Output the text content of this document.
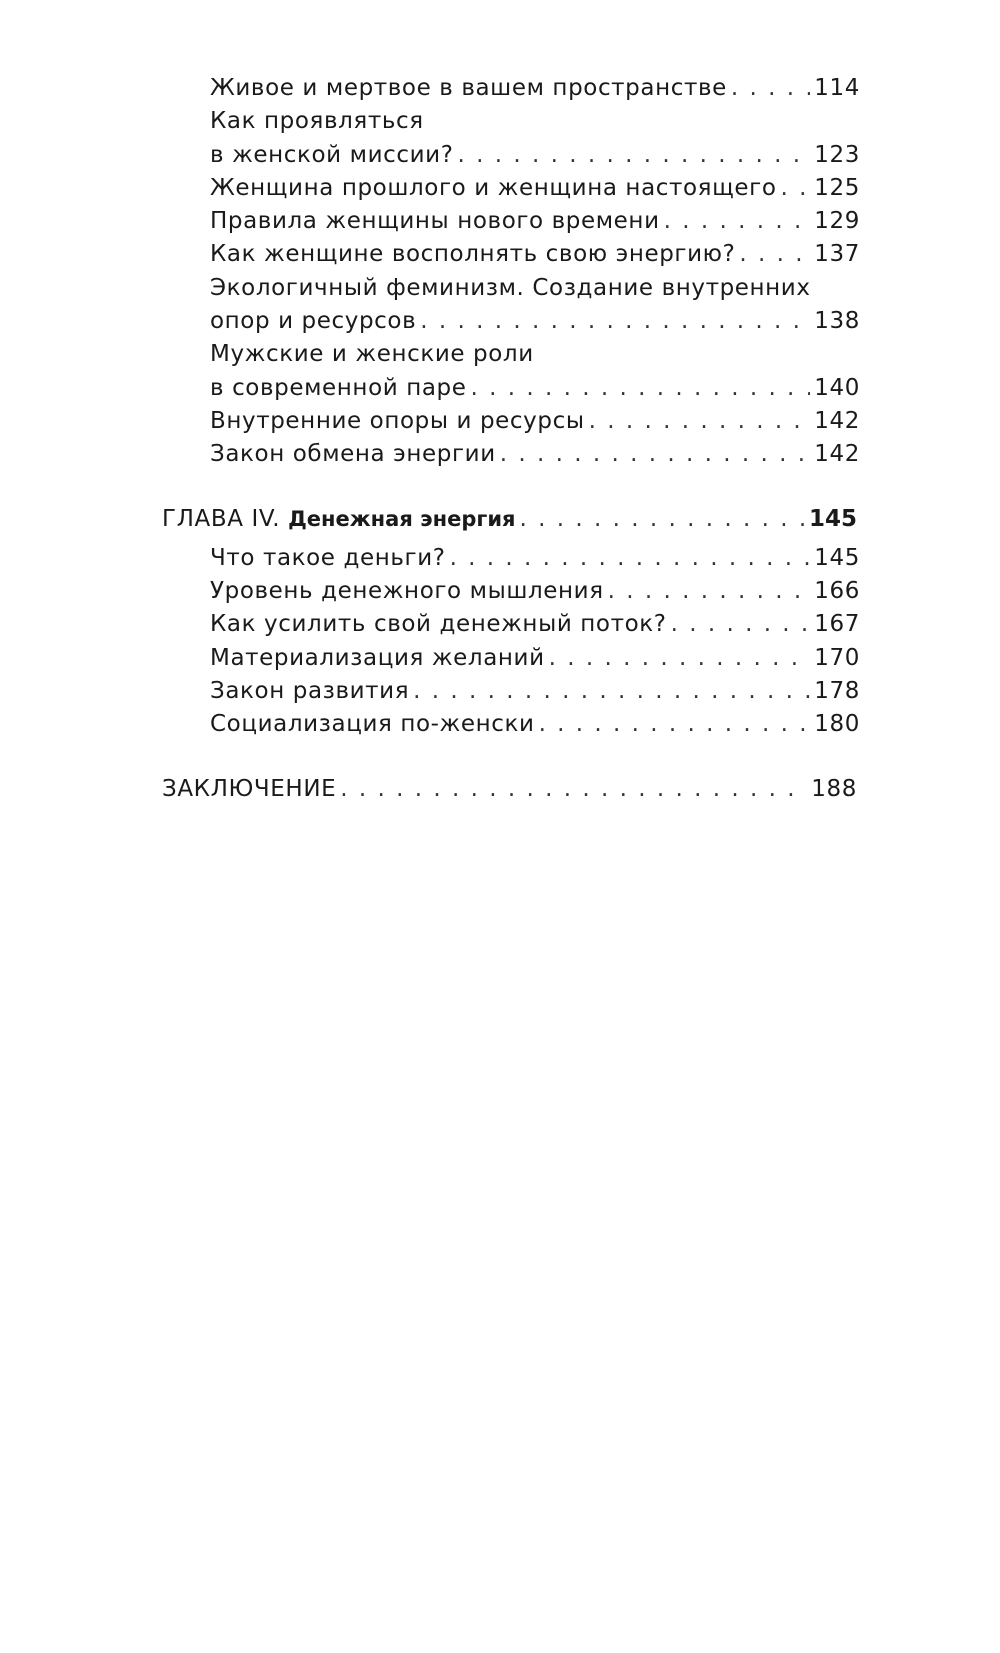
Живое и мертвое в вашем пространстве . . .	114
Как проявляться
в женской миссии? . . .	123
Женщина прошлого и женщина настоящего . . . 125
Правила женщины нового времени . . .	129
Как женщине восполнять свою энергию? . . .	137
Экологичный феминизм. Создание внутренних
опор и ресурсов . . .	138
Мужские и женские роли
в современной паре . . .	140
Внутренние опоры и ресурсы . . .	142
Закон обмена энергии . . .	142
ГЛАВА IV. Денежная энергия . . .	145
Что такое деньги? . . .	145
Уровень денежного мышления . . .	166
Как усилить свой денежный поток? . . .	167
Материализация желаний . . .	170
Закон развития . . .	178
Социализация по-женски . . .	180
ЗАКЛЮЧЕНИЕ . . .	188
